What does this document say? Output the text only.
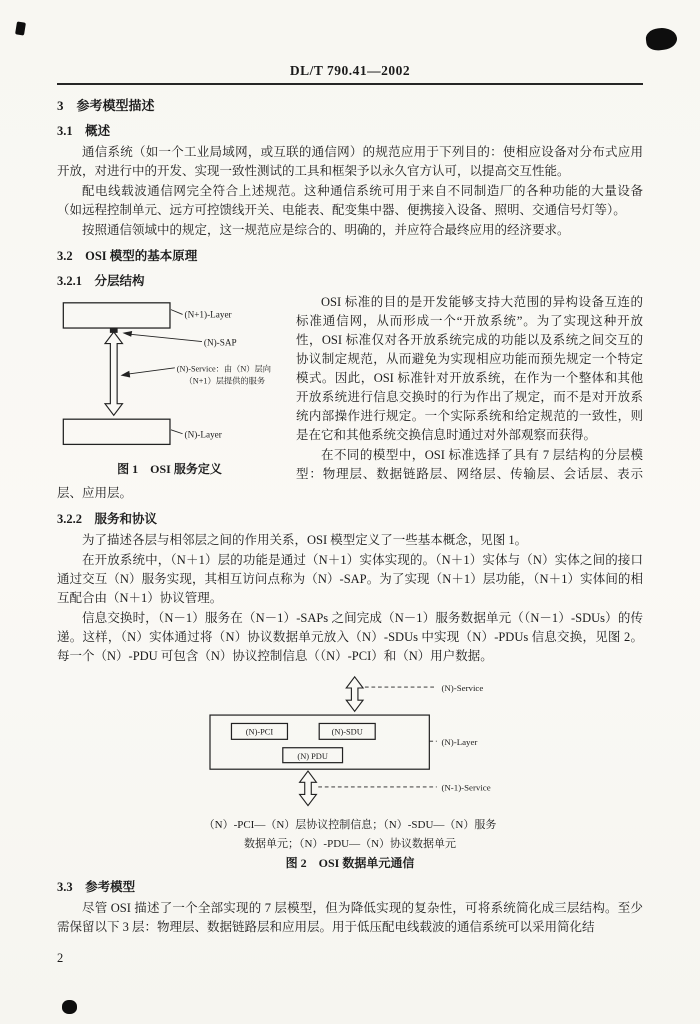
DL/T 790.41—2002
3　参考模型描述
3.1　概述

通信系统（如一个工业局域网，或互联的通信网）的规范应用于下列目的：使相应设备对分布式应用开放，对进行中的开发、实现一致性测试的工具和框架予以永久官方认可，以提高交互性能。

配电线载波通信网完全符合上述规范。这种通信系统可用于来自不同制造厂的各种功能的大量设备（如远程控制单元、远方可控馈线开关、电能表、配变集中器、便携接入设备、照明、交通信号灯等）。

按照通信领域中的规定，这一规范应是综合的、明确的，并应符合最终应用的经济要求。

3.2　OSI 模型的基本原理
3.2.1　分层结构
(N+1)-Layer
(N)-SAP
(N)-Service：由（N）层向
（N+1）层提供的服务
(N)-Layer
图 1　OSI 服务定义

OSI 标准的目的是开发能够支持大范围的异构设备互连的标准通信网，从而形成一个“开放系统”。为了实现这种开放性，OSI 标准仅对各开放系统完成的功能以及系统之间交互的协议制定规范，从而避免为实现相应功能而预先规定一个特定模式。因此，OSI 标准针对开放系统，在作为一个整体和其他开放系统进行信息交换时的行为作出了规定，而不是对开放系统内部操作进行规定。一个实际系统和给定规范的一致性，则是在它和其他系统交换信息时通过对外部观察而获得。

在不同的模型中，OSI 标准选择了具有 7 层结构的分层模型：物理层、数据链路层、网络层、传输层、会话层、表示层、应用层。

3.2.2　服务和协议

为了描述各层与相邻层之间的作用关系，OSI 模型定义了一些基本概念，见图 1。

在开放系统中，（N＋1）层的功能是通过（N＋1）实体实现的。（N＋1）实体与（N）实体之间的接口通过交互（N）服务实现，其相互访问点称为（N）-SAP。为了实现（N＋1）层功能，（N＋1）实体间的相互配合由（N＋1）协议管理。

信息交换时，（N－1）服务在（N－1）-SAPs 之间完成（N－1）服务数据单元（（N－1）-SDUs）的传递。这样，（N）实体通过将（N）协议数据单元放入（N）-SDUs 中实现（N）-PDUs 信息交换，见图 2。每一个（N）-PDU 可包含（N）协议控制信息（（N）-PCI）和（N）用户数据。

(N)-Service
(N)-PCI	(N)-SDU
(N) PDU
(N)-Layer
(N-1)-Service
（N）-PCI—（N）层协议控制信息；（N）-SDU—（N）服务
数据单元；（N）-PDU—（N）协议数据单元
图 2　OSI 数据单元通信
3.3　参考模型

尽管 OSI 描述了一个全部实现的 7 层模型，但为降低实现的复杂性，可将系统简化成三层结构。至少需保留以下 3 层：物理层、数据链路层和应用层。用于低压配电线载波的通信系统可以采用简化结

2
